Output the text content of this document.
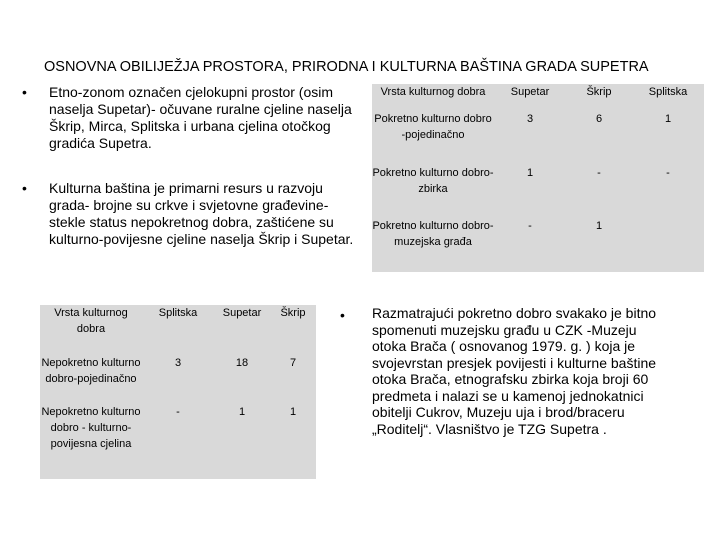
OSNOVNA OBILIJEŽJA PROSTORA, PRIRODNA I KULTURNA BAŠTINA GRADA SUPETRA
• Etno-zonom označen cjelokupni prostor (osim naselja Supetar)- očuvane ruralne cjeline naselja Škrip, Mirca, Splitska i urbana cjelina otočkog gradića Supetra.
• Kulturna baština je primarni resurs u razvoju grada- brojne su crkve i svjetovne građevine-stekle status nepokretnog dobra, zaštićene su kulturno-povijesne cjeline naselja Škrip i Supetar.
Vrsta kulturnog dobra	Supetar	Škrip	Splitska
Pokretno kulturno dobro -pojedinačno	3	6	1
Pokretno kulturno dobro-zbirka	1	-	-
Pokretno kulturno dobro-muzejska građa	-	1	
Vrsta kulturnog dobra	Splitska	Supetar	Škrip
Nepokretno kulturno dobro-pojedinačno	3	18	7
Nepokretno kulturno dobro - kulturno-povijesna cjelina	-	1	1
• Razmatrajući pokretno dobro svakako je bitno spomenuti muzejsku građu u CZK -Muzeju otoka Brača ( osnovanog 1979. g. ) koja je svojevrstan presjek povijesti i kulturne baštine otoka Brača, etnografsku zbirka koja broji 60 predmeta i nalazi se u kamenoj jednokatnici obitelji Cukrov, Muzeju uja i brod/braceru „Roditelj“. Vlasništvo je TZG Supetra .
